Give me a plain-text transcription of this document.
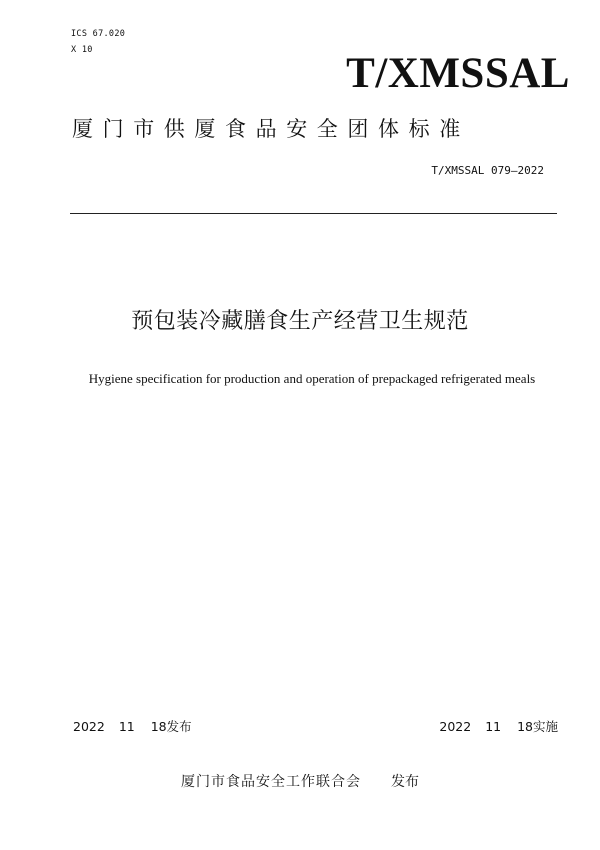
ICS 67.020
X 10	T/XMSSAL
厦门市供厦食品安全团体标准
T/XMSSAL 079—2022
预包装冷藏膳食生产经营卫生规范
Hygiene specification for production and operation of prepackaged refrigerated meals
2022 11 18发布	2022 11 18实施
厦门市食品安全工作联合会 发布
